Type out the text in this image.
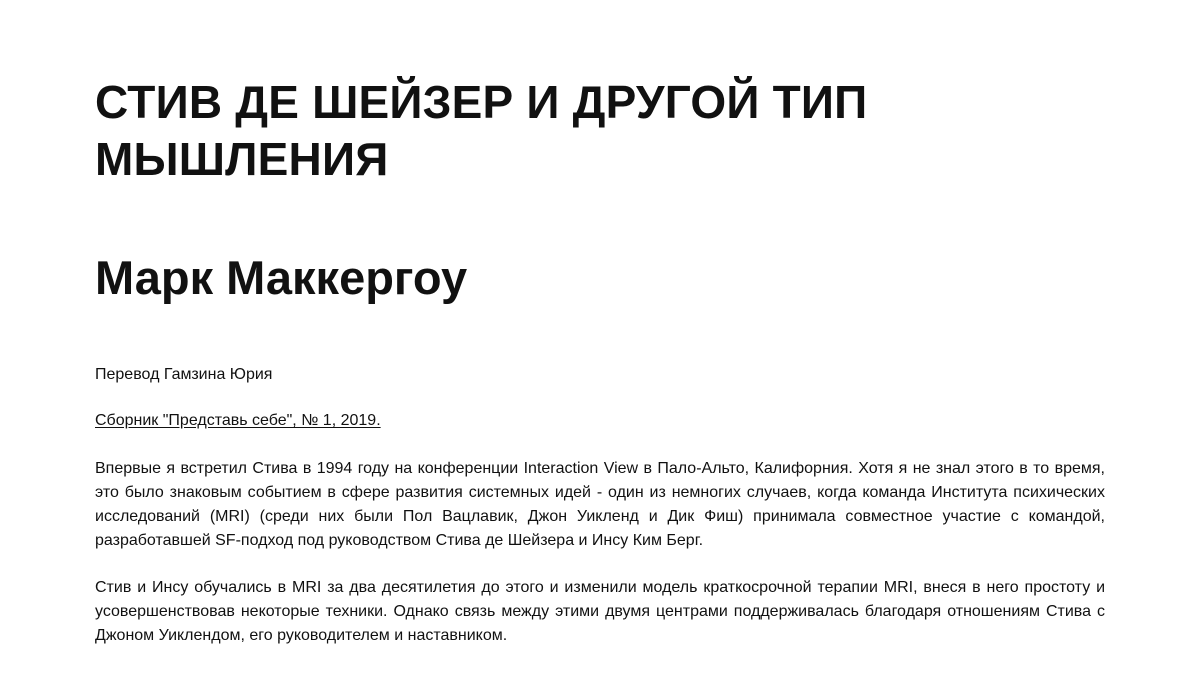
СТИВ ДЕ ШЕЙЗЕР И ДРУГОЙ ТИП МЫШЛЕНИЯ
Марк Маккергоу

Перевод Гамзина Юрия

Сборник "Представь себе", № 1, 2019.

Впервые я встретил Стива в 1994 году на конференции Interaction View в Пало-Альто, Калифорния. Хотя я не знал этого в то время, это было знаковым событием в сфере развития системных идей - один из немногих случаев, когда команда Института психических исследований (MRI) (среди них были Пол Вацлавик, Джон Уикленд и Дик Фиш) принимала совместное участие с командой, разработавшей SF-подход под руководством Стива де Шейзера и Инсу Ким Берг.

Стив и Инсу обучались в MRI за два десятилетия до этого и изменили модель краткосрочной терапии MRI, внеся в него простоту и усовершенствовав некоторые техники. Однако связь между этими двумя центрами поддерживалась благодаря отношениям Стива с Джоном Уиклендом, его руководителем и наставником.
